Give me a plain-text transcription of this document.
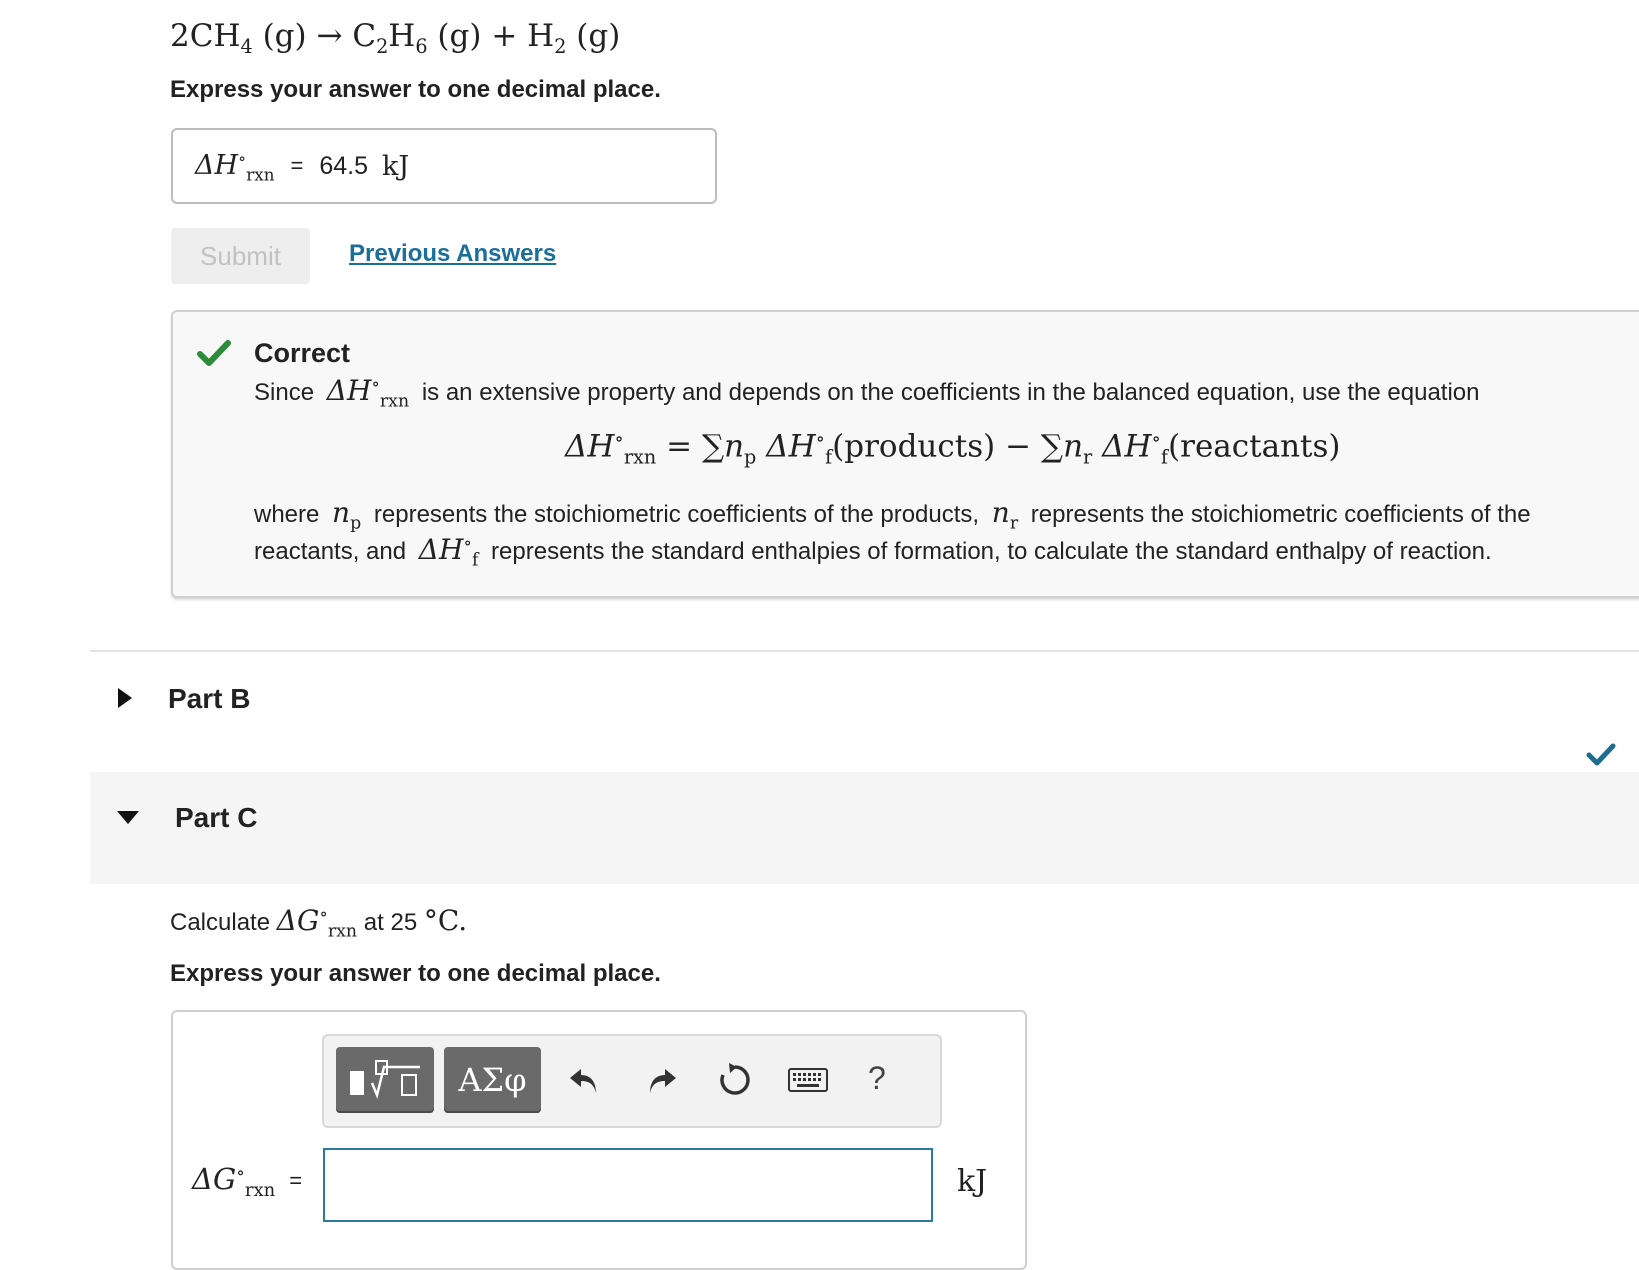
$2CH_4$ $(g) \to C_2H_6$ $(g) + H_2$ (g)
Express your answer to one decimal place.
$\Delta H^\circ_{rxn} = 64.5$ kJ
Submit	Previous Answers
Correct
Since $\Delta H^\circ_{rxn}$ is an extensive property and depends on the coefficients in the balanced equation, use the equation
$\Delta H^\circ_{rxn} = \sum n_p$ $\Delta H^\circ_f(products) - \sum n_r$ $\Delta H^\circ_f(reactants)$
where $n_p$ represents the stoichiometric coefficients of the products, $n_r$ represents the stoichiometric coefficients of the
reactants, and $\Delta H^\circ_f$ represents the standard enthalpies of formation, to calculate the standard enthalpy of reaction.
Part B
Part C
Calculate $\Delta G^\circ_{rxn}$ at 25 °C.
Express your answer to one decimal place.
ΑΣφ	?
$\Delta G^\circ_{rxn}$ =	kJ
